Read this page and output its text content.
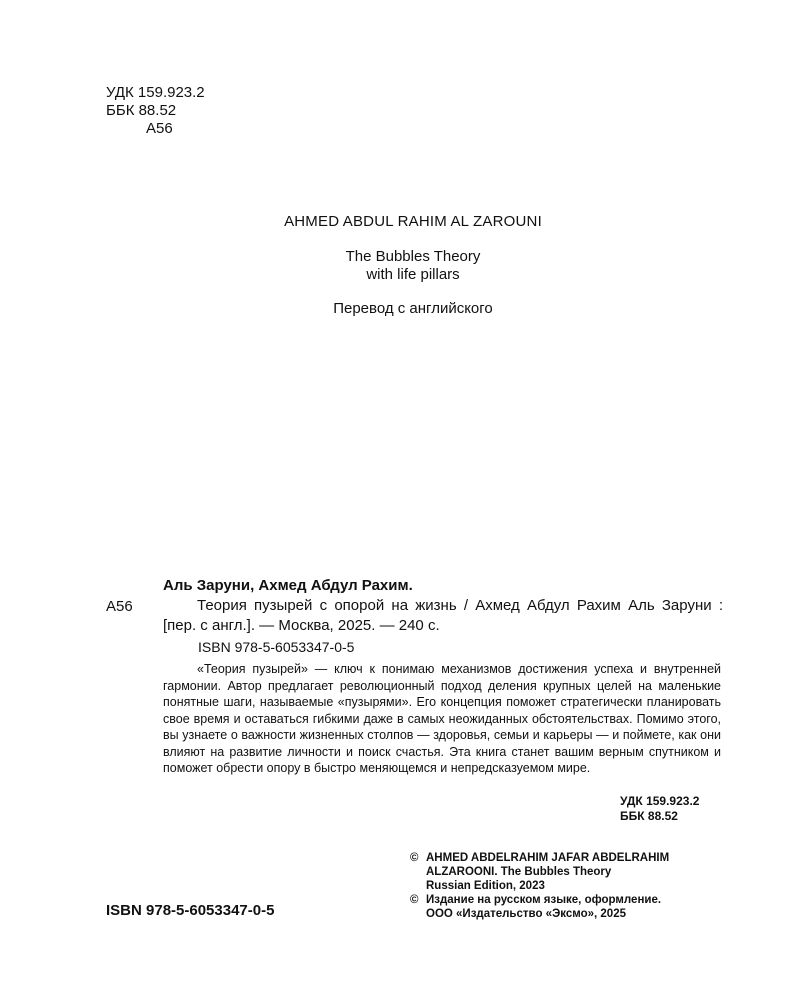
УДК 159.923.2
ББК 88.52
А56
AHMED ABDUL RAHIM AL ZAROUNI
The Bubbles Theory
with life pillars
Перевод с английского
А56
Аль Заруни, Ахмед Абдул Рахим.
Теория пузырей с опорой на жизнь / Ахмед Абдул Рахим Аль Заруни : [пер. с англ.]. — Москва, 2025. — 240 с.
ISBN 978-5-6053347-0-5
«Теория пузырей» — ключ к понимаю механизмов достижения успеха и внутренней гармонии. Автор предлагает революционный подход деления крупных целей на маленькие понятные шаги, называемые «пузырями». Его концепция поможет стратегически планировать свое время и оставаться гибкими даже в самых неожиданных обстоятельствах. Помимо этого, вы узнаете о важности жизненных столпов — здоровья, семьи и карьеры — и поймете, как они влияют на развитие личности и поиск счастья. Эта книга станет вашим верным спутником и поможет обрести опору в быстро меняющемся и непредсказуемом мире.
УДК 159.923.2
ББК 88.52
© AHMED ABDELRAHIM JAFAR ABDELRAHIM
ALZAROONI. The Bubbles Theory
Russian Edition, 2023
© Издание на русском языке, оформление.
ООО «Издательство «Эксмо», 2025
ISBN 978-5-6053347-0-5
